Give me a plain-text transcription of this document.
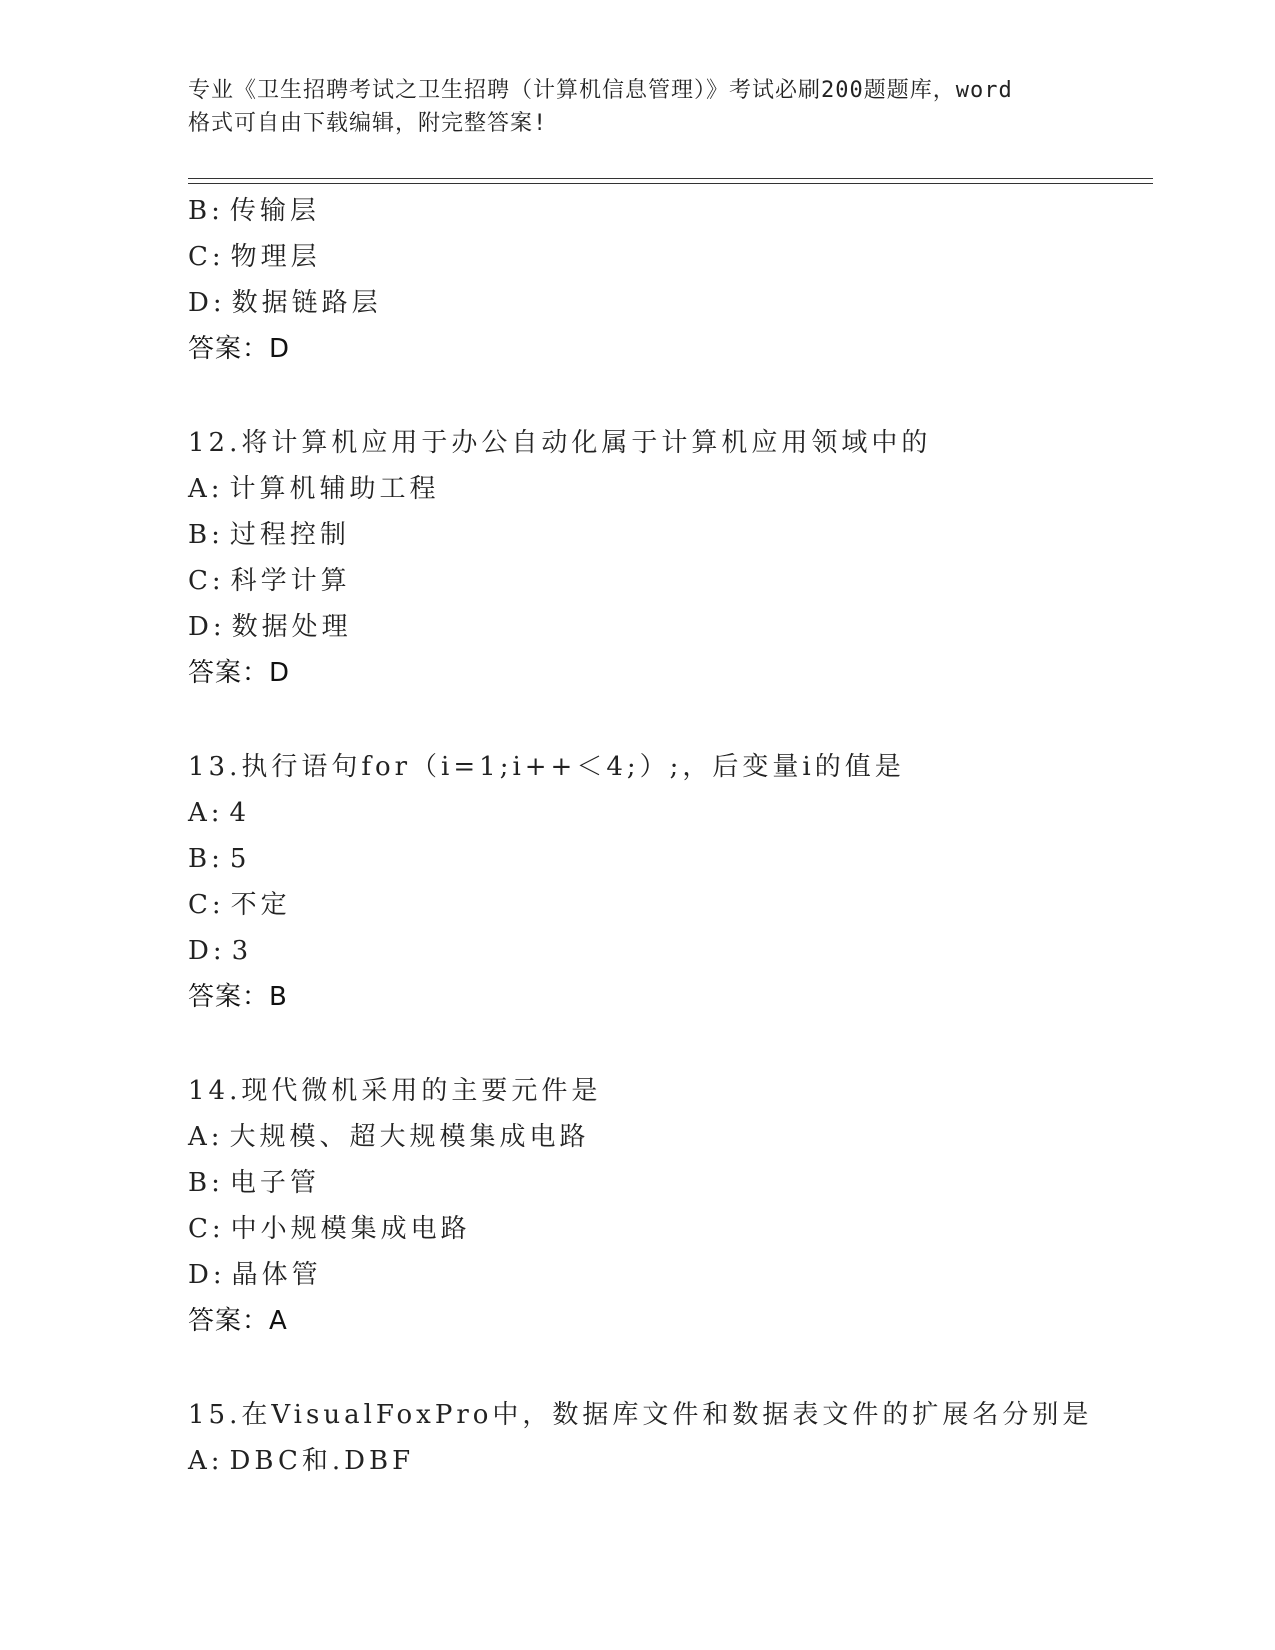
专业《卫生招聘考试之卫生招聘（计算机信息管理）》考试必刷200题题库，word
格式可自由下载编辑，附完整答案!
B: 传输层
C: 物理层
D: 数据链路层
答案：D
12.将计算机应用于办公自动化属于计算机应用领域中的
A: 计算机辅助工程
B: 过程控制
C: 科学计算
D: 数据处理
答案：D
13.执行语句for（i=1;i++＜4;）;，后变量i的值是
A: 4
B: 5
C: 不定
D: 3
答案：B
14.现代微机采用的主要元件是
A: 大规模、超大规模集成电路
B: 电子管
C: 中小规模集成电路
D: 晶体管
答案：A
15.在VisualFoxPro中，数据库文件和数据表文件的扩展名分别是
A: DBC和.DBF
